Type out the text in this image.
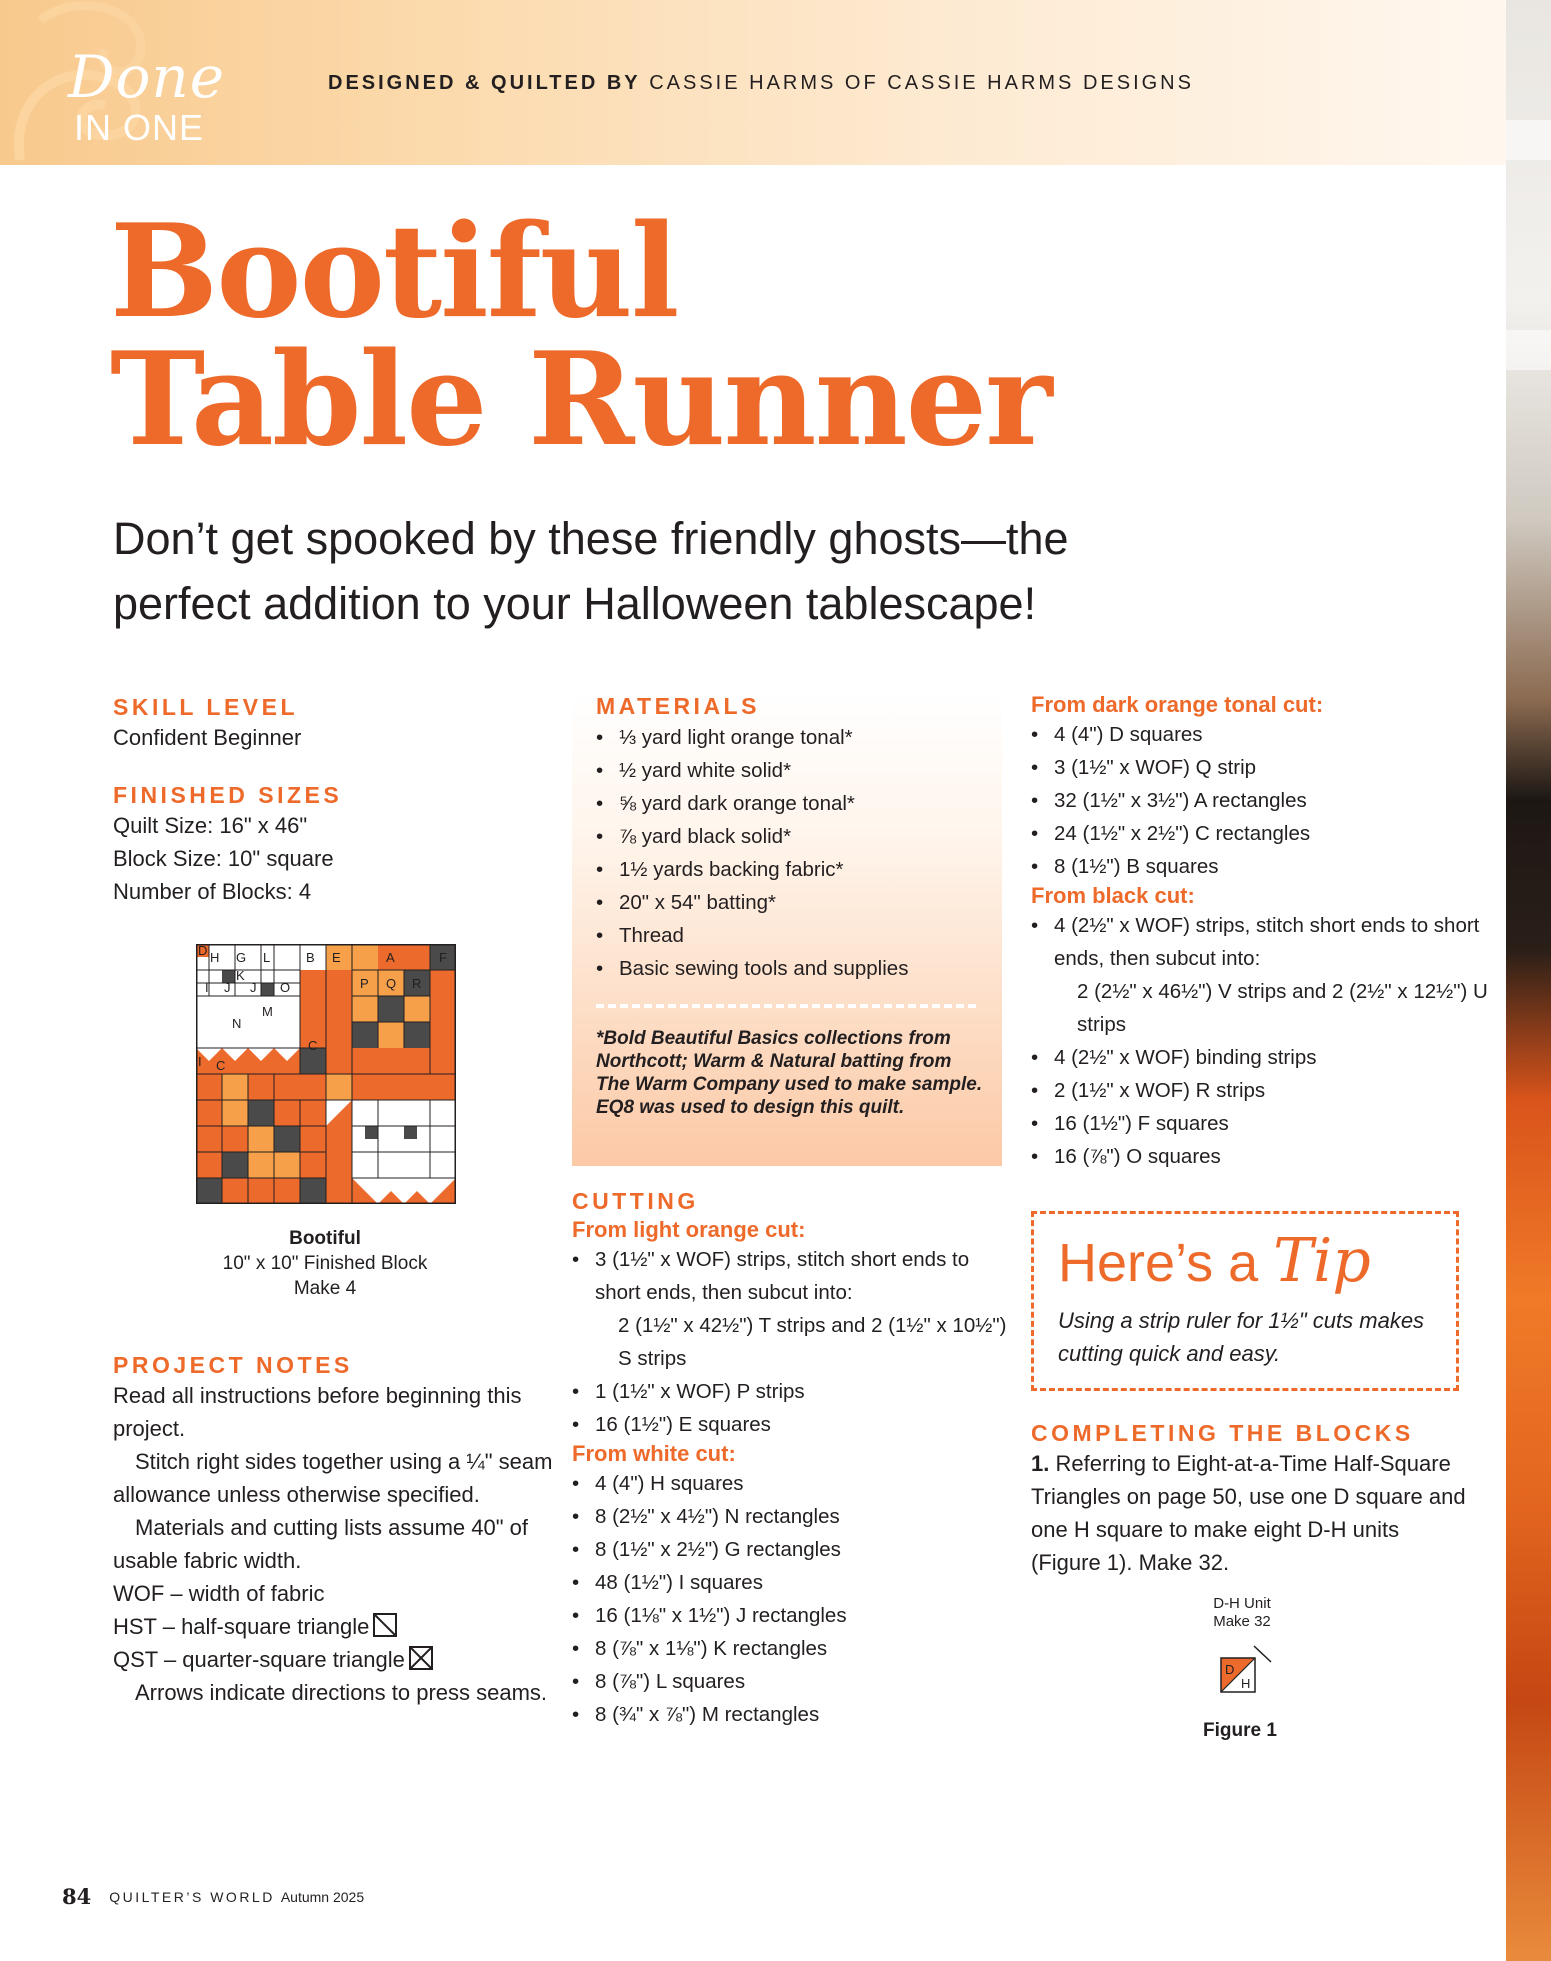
Done
IN ONE
DESIGNED & QUILTED BY CASSIE HARMS OF CASSIE HARMS DESIGNS
Bootiful
Table Runner
Don’t get spooked by these friendly ghosts—the
perfect addition to your Halloween tablescape!
SKILL LEVEL
Confident Beginner
FINISHED SIZES
Quilt Size: 16" x 46"
Block Size: 10" square
Number of Blocks: 4
D H G L
K
I J J O
N
M
B E	A	F
P Q R
C
I C
Bootiful
10" x 10" Finished Block
Make 4
PROJECT NOTES
Read all instructions before beginning this project.
Stitch right sides together using a ¼" seam allowance unless otherwise specified.
Materials and cutting lists assume 40" of usable fabric width.
WOF – width of fabric
HST – half-square triangle
QST – quarter-square triangle
Arrows indicate directions to press seams.
MATERIALS
• ⅓ yard light orange tonal*
• ½ yard white solid*
• ⅝ yard dark orange tonal*
• ⅞ yard black solid*
• 1½ yards backing fabric*
• 20" x 54" batting*
• Thread
• Basic sewing tools and supplies
*Bold Beautiful Basics collections from Northcott; Warm & Natural batting from The Warm Company used to make sample. EQ8 was used to design this quilt.
CUTTING
From light orange cut:
• 3 (1½" x WOF) strips, stitch short ends to short ends, then subcut into:
2 (1½" x 42½") T strips and 2 (1½" x 10½") S strips
• 1 (1½" x WOF) P strips
• 16 (1½") E squares
From white cut:
• 4 (4") H squares
• 8 (2½" x 4½") N rectangles
• 8 (1½" x 2½") G rectangles
• 48 (1½") I squares
• 16 (1⅛" x 1½") J rectangles
• 8 (⅞" x 1⅛") K rectangles
• 8 (⅞") L squares
• 8 (¾" x ⅞") M rectangles
From dark orange tonal cut:
• 4 (4") D squares
• 3 (1½" x WOF) Q strip
• 32 (1½" x 3½") A rectangles
• 24 (1½" x 2½") C rectangles
• 8 (1½") B squares
From black cut:
• 4 (2½" x WOF) strips, stitch short ends to short ends, then subcut into:
2 (2½" x 46½") V strips and 2 (2½" x 12½") U strips
• 4 (2½" x WOF) binding strips
• 2 (1½" x WOF) R strips
• 16 (1½") F squares
• 16 (⅞") O squares
Here’s a Tip
Using a strip ruler for 1½" cuts makes cutting quick and easy.
COMPLETING THE BLOCKS
1. Referring to Eight-at-a-Time Half-Square Triangles on page 50, use one D square and one H square to make eight D-H units (Figure 1). Make 32.
D-H Unit
Make 32
D
H
Figure 1
84 QUILTER’S WORLD Autumn 2025
